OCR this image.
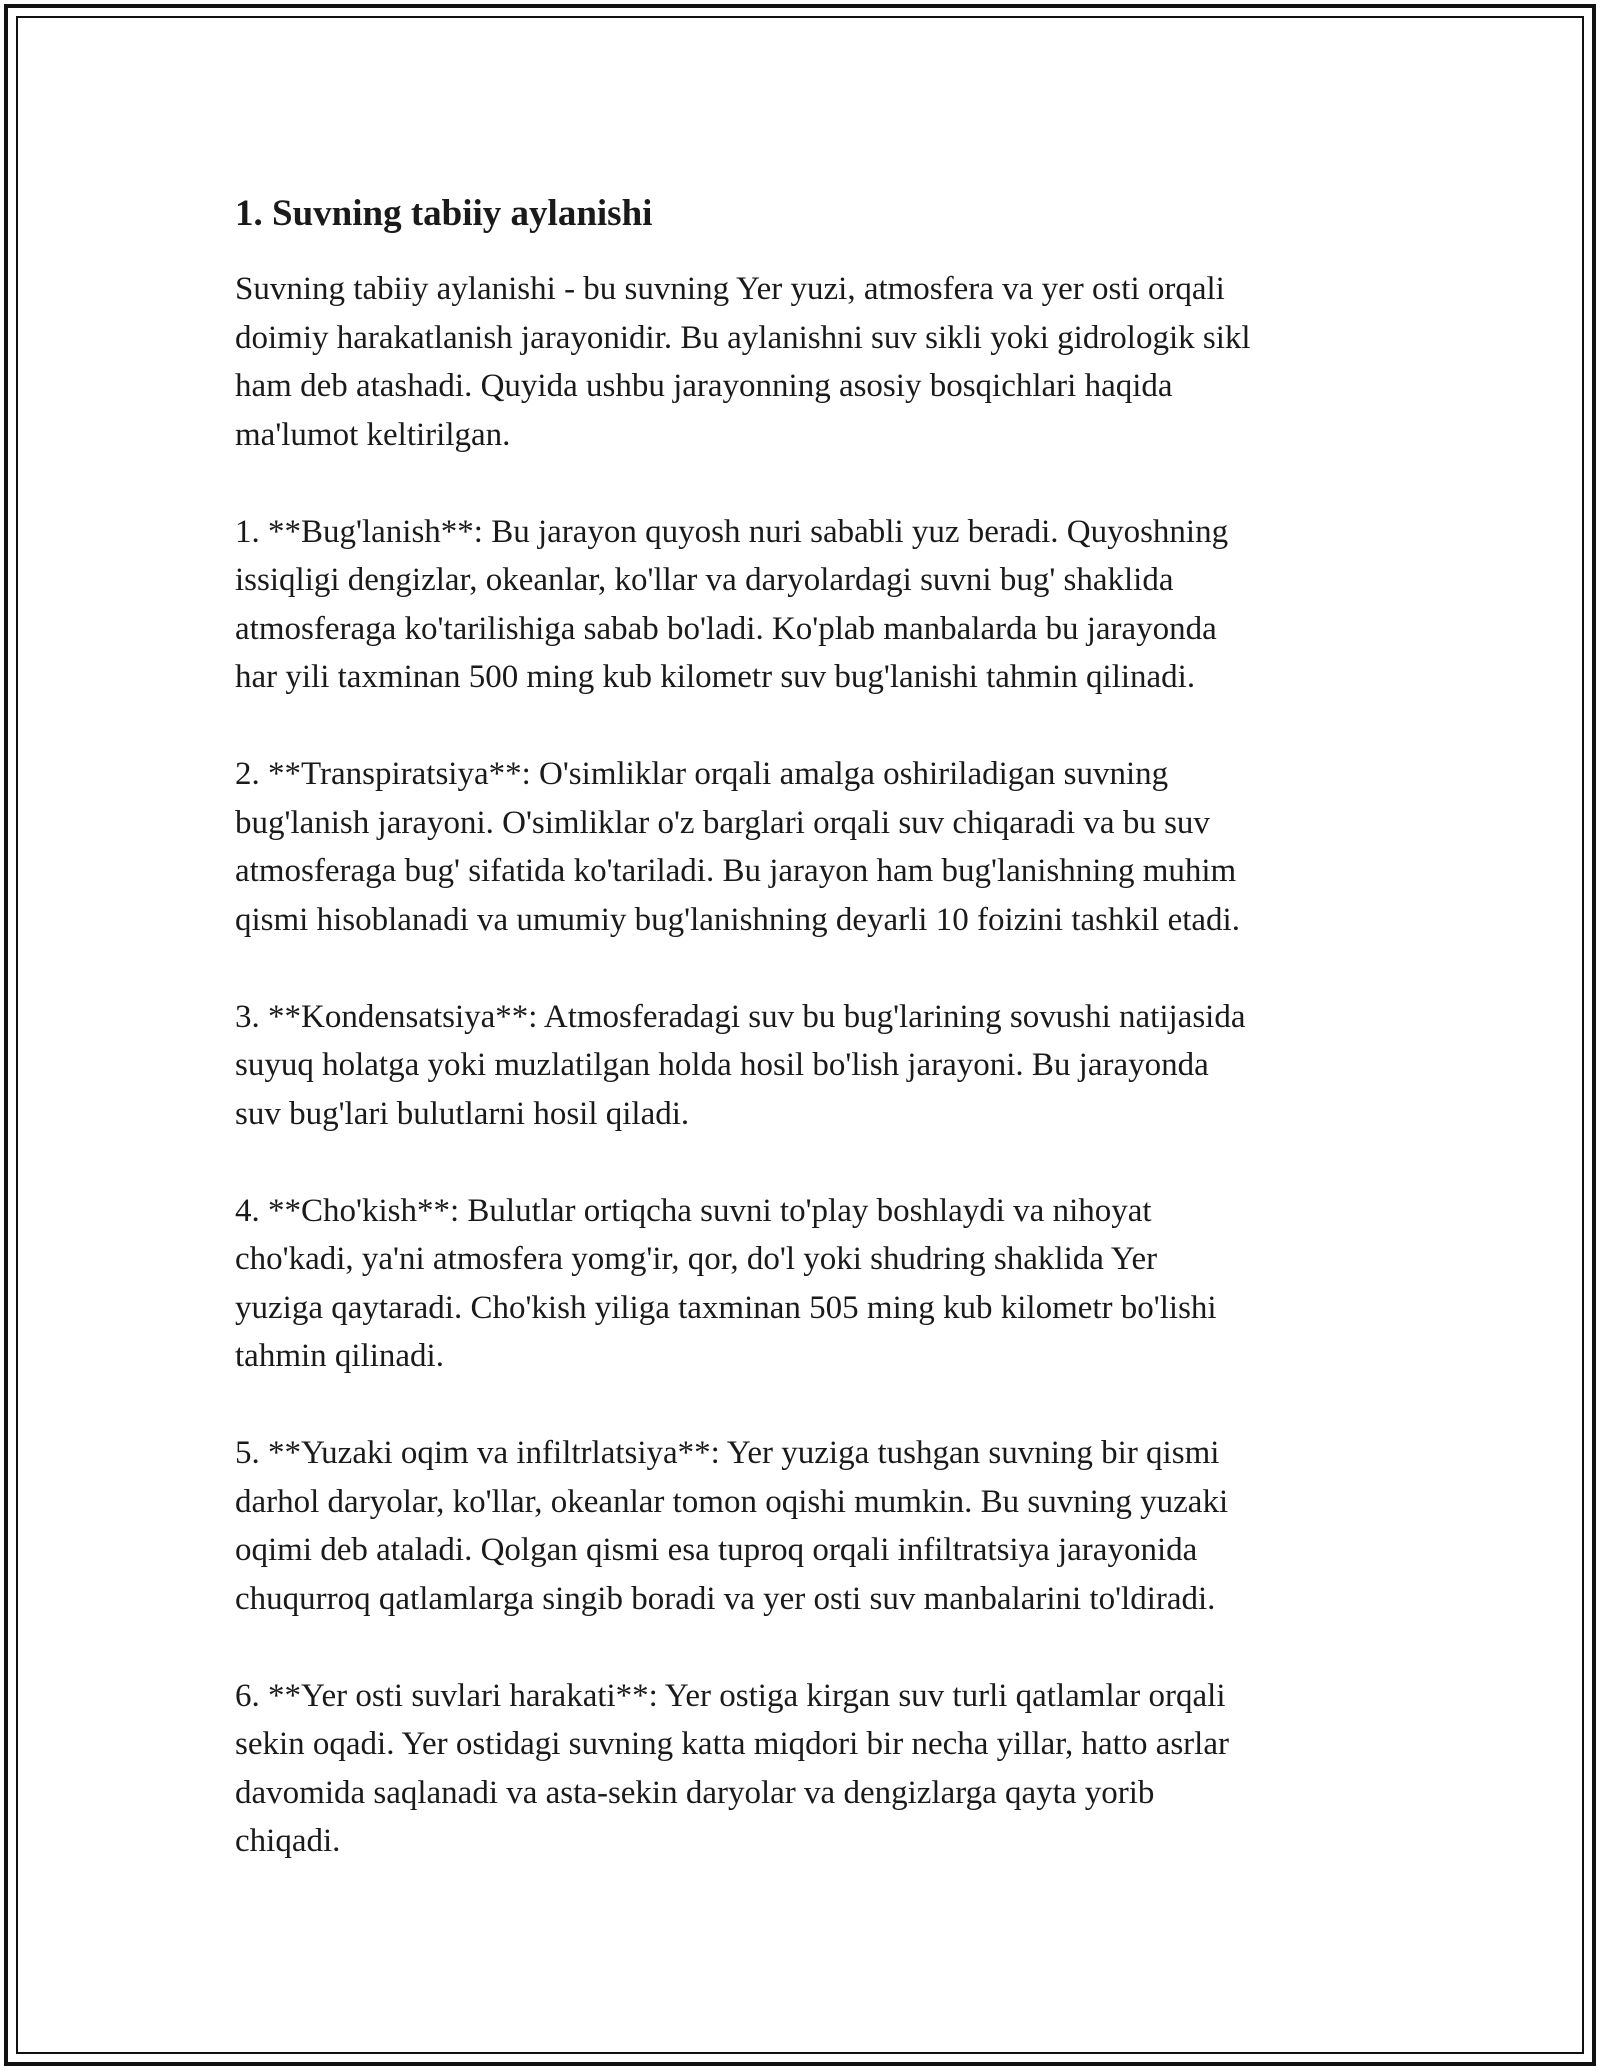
1. Suvning tabiiy aylanishi

Suvning tabiiy aylanishi - bu suvning Yer yuzi, atmosfera va yer osti orqali
doimiy harakatlanish jarayonidir. Bu aylanishni suv sikli yoki gidrologik sikl
ham deb atashadi. Quyida ushbu jarayonning asosiy bosqichlari haqida
ma'lumot keltirilgan.

1. **Bug'lanish**: Bu jarayon quyosh nuri sababli yuz beradi. Quyoshning
issiqligi dengizlar, okeanlar, ko'llar va daryolardagi suvni bug' shaklida
atmosferaga ko'tarilishiga sabab bo'ladi. Ko'plab manbalarda bu jarayonda
har yili taxminan 500 ming kub kilometr suv bug'lanishi tahmin qilinadi.

2. **Transpiratsiya**: O'simliklar orqali amalga oshiriladigan suvning
bug'lanish jarayoni. O'simliklar o'z barglari orqali suv chiqaradi va bu suv
atmosferaga bug' sifatida ko'tariladi. Bu jarayon ham bug'lanishning muhim
qismi hisoblanadi va umumiy bug'lanishning deyarli 10 foizini tashkil etadi.

3. **Kondensatsiya**: Atmosferadagi suv bu bug'larining sovushi natijasida
suyuq holatga yoki muzlatilgan holda hosil bo'lish jarayoni. Bu jarayonda
suv bug'lari bulutlarni hosil qiladi.

4. **Cho'kish**: Bulutlar ortiqcha suvni to'play boshlaydi va nihoyat
cho'kadi, ya'ni atmosfera yomg'ir, qor, do'l yoki shudring shaklida Yer
yuziga qaytaradi. Cho'kish yiliga taxminan 505 ming kub kilometr bo'lishi
tahmin qilinadi.

5. **Yuzaki oqim va infiltrlatsiya**: Yer yuziga tushgan suvning bir qismi
darhol daryolar, ko'llar, okeanlar tomon oqishi mumkin. Bu suvning yuzaki
oqimi deb ataladi. Qolgan qismi esa tuproq orqali infiltratsiya jarayonida
chuqurroq qatlamlarga singib boradi va yer osti suv manbalarini to'ldiradi.

6. **Yer osti suvlari harakati**: Yer ostiga kirgan suv turli qatlamlar orqali
sekin oqadi. Yer ostidagi suvning katta miqdori bir necha yillar, hatto asrlar
davomida saqlanadi va asta-sekin daryolar va dengizlarga qayta yorib
chiqadi.
